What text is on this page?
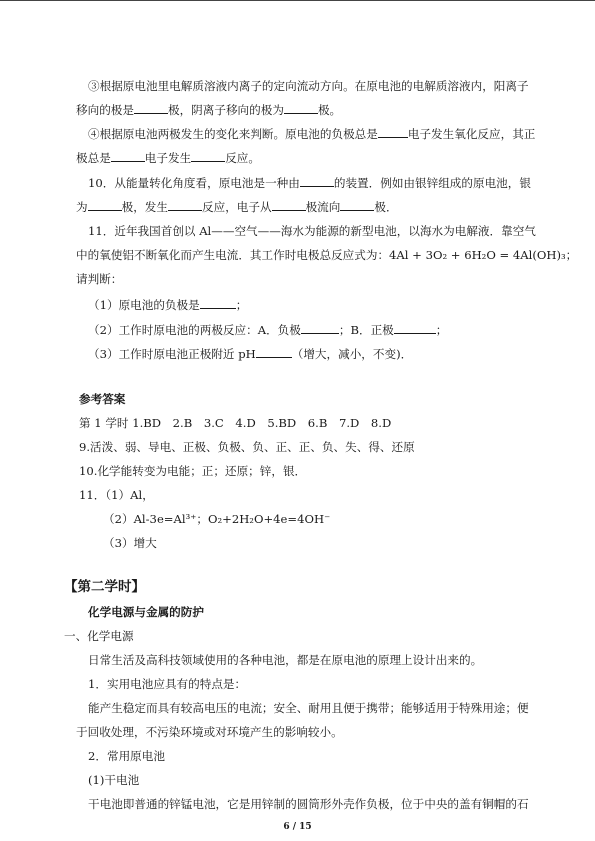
③根据原电池里电解质溶液内离子的定向流动方向。在原电池的电解质溶液内，阳离子
移向的极是	极，阴离子移向的极为	极。
④根据原电池两极发生的变化来判断。原电池的负极总是	电子发生氧化反应，其正
极总是	电子发生	反应。
10．从能量转化角度看，原电池是一种由	的装置．例如由银锌组成的原电池，银
为	极，发生	反应，电子从	极流向	极．
11．近年我国首创以 Al——空气——海水为能源的新型电池，以海水为电解液．靠空气
中的氧使铝不断氧化而产生电流．其工作时电极总反应式为：4Al + 3O₂ + 6H₂O = 4Al(OH)₃；
请判断：
（1）原电池的负极是	；
（2）工作时原电池的两极反应：A．负极	；B．正极	；
（3）工作时原电池正极附近 pH	（增大，减小，不变)．
参考答案
第 1 学时 1.BD　2.B　3.C　4.D　5.BD　6.B　7.D　8.D
9.活泼、弱、导电、正极、负极、负、正、正、负、失、得、还原
10.化学能转变为电能；正；还原；锌，银．
11．（1）Al，
（2）Al-3e=Al³⁺；O₂+2H₂O+4e=4OH⁻
（3）增大
【第二学时】
化学电源与金属的防护
一、化学电源
日常生活及高科技领域使用的各种电池，都是在原电池的原理上设计出来的。
1．实用电池应具有的特点是：
能产生稳定而具有较高电压的电流；安全、耐用且便于携带；能够适用于特殊用途；便
于回收处理，不污染环境或对环境产生的影响较小。
2．常用原电池
(1)干电池
干电池即普通的锌锰电池，它是用锌制的圆筒形外壳作负极，位于中央的盖有铜帽的石
6 / 15
